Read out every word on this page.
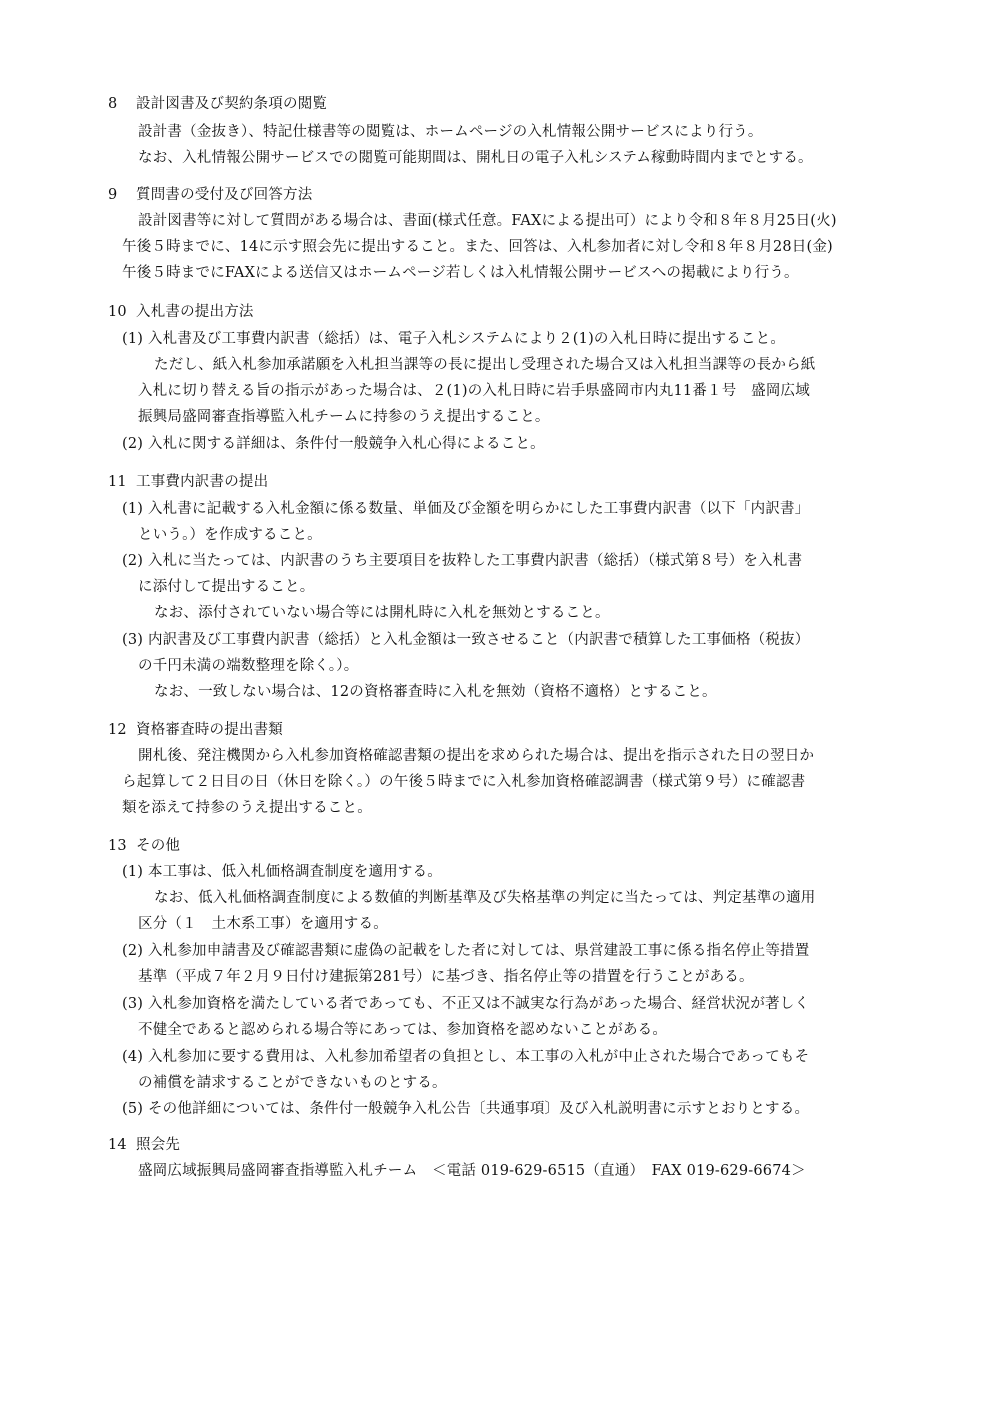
8 設計図書及び契約条項の閲覧
設計書（金抜き）、特記仕様書等の閲覧は、ホームページの入札情報公開サービスにより行う。
なお、入札情報公開サービスでの閲覧可能期間は、開札日の電子入札システム稼動時間内までとする。
9 質問書の受付及び回答方法
設計図書等に対して質問がある場合は、書面(様式任意。FAXによる提出可）により令和８年８月25日(火)
午後５時までに、14に示す照会先に提出すること。また、回答は、入札参加者に対し令和８年８月28日(金)
午後５時までにFAXによる送信又はホームページ若しくは入札情報公開サービスへの掲載により行う。
10 入札書の提出方法
(1) 入札書及び工事費内訳書（総括）は、電子入札システムにより２(1)の入札日時に提出すること。
ただし、紙入札参加承諾願を入札担当課等の長に提出し受理された場合又は入札担当課等の長から紙
入札に切り替える旨の指示があった場合は、２(1)の入札日時に岩手県盛岡市内丸11番１号　盛岡広域
振興局盛岡審査指導監入札チームに持参のうえ提出すること。
(2) 入札に関する詳細は、条件付一般競争入札心得によること。
11 工事費内訳書の提出
(1) 入札書に記載する入札金額に係る数量、単価及び金額を明らかにした工事費内訳書（以下「内訳書」
という。）を作成すること。
(2) 入札に当たっては、内訳書のうち主要項目を抜粋した工事費内訳書（総括）（様式第８号）を入札書
に添付して提出すること。
なお、添付されていない場合等には開札時に入札を無効とすること。
(3) 内訳書及び工事費内訳書（総括）と入札金額は一致させること（内訳書で積算した工事価格（税抜）
の千円未満の端数整理を除く。）。
なお、一致しない場合は、12の資格審査時に入札を無効（資格不適格）とすること。
12 資格審査時の提出書類
開札後、発注機関から入札参加資格確認書類の提出を求められた場合は、提出を指示された日の翌日か
ら起算して２日目の日（休日を除く。）の午後５時までに入札参加資格確認調書（様式第９号）に確認書
類を添えて持参のうえ提出すること。
13 その他
(1) 本工事は、低入札価格調査制度を適用する。
なお、低入札価格調査制度による数値的判断基準及び失格基準の判定に当たっては、判定基準の適用
区分（１　土木系工事）を適用する。
(2) 入札参加申請書及び確認書類に虚偽の記載をした者に対しては、県営建設工事に係る指名停止等措置
基準（平成７年２月９日付け建振第281号）に基づき、指名停止等の措置を行うことがある。
(3) 入札参加資格を満たしている者であっても、不正又は不誠実な行為があった場合、経営状況が著しく
不健全であると認められる場合等にあっては、参加資格を認めないことがある。
(4) 入札参加に要する費用は、入札参加希望者の負担とし、本工事の入札が中止された場合であってもそ
の補償を請求することができないものとする。
(5) その他詳細については、条件付一般競争入札公告〔共通事項〕及び入札説明書に示すとおりとする。
14 照会先
盛岡広域振興局盛岡審査指導監入札チーム　＜電話 019-629-6515（直通）　FAX 019-629-6674＞
